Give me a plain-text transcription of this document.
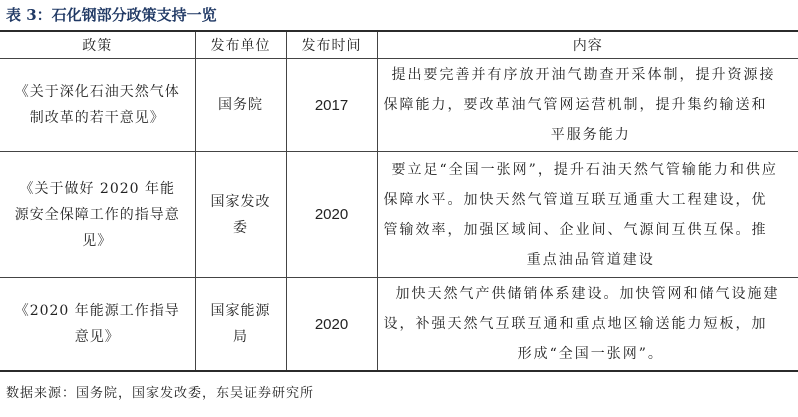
表 3：石化钢部分政策支持一览
政策	发布单位	发布时间	内容
《关于深化石油天然气体制改革的若干意见》	国务院	2017	提出要完善并有序放开油气勘查开采体制，提升资源接
保障能力，要改革油气管网运营机制，提升集约输送和
平服务能力

《关于做好 2020 年能源安全保障工作的指导意见》	国家发改委	2020	要立足“全国一张网”，提升石油天然气管输能力和供应
保障水平。加快天然气管道互联互通重大工程建设，优
管输效率，加强区域间、企业间、气源间互供互保。推
重点油品管道建设

《2020 年能源工作指导意见》	国家能源局	2020	加快天然气产供储销体系建设。加快管网和储气设施建
设，补强天然气互联互通和重点地区输送能力短板，加
形成“全国一张网”。
数据来源：国务院，国家发改委，东吴证券研究所
